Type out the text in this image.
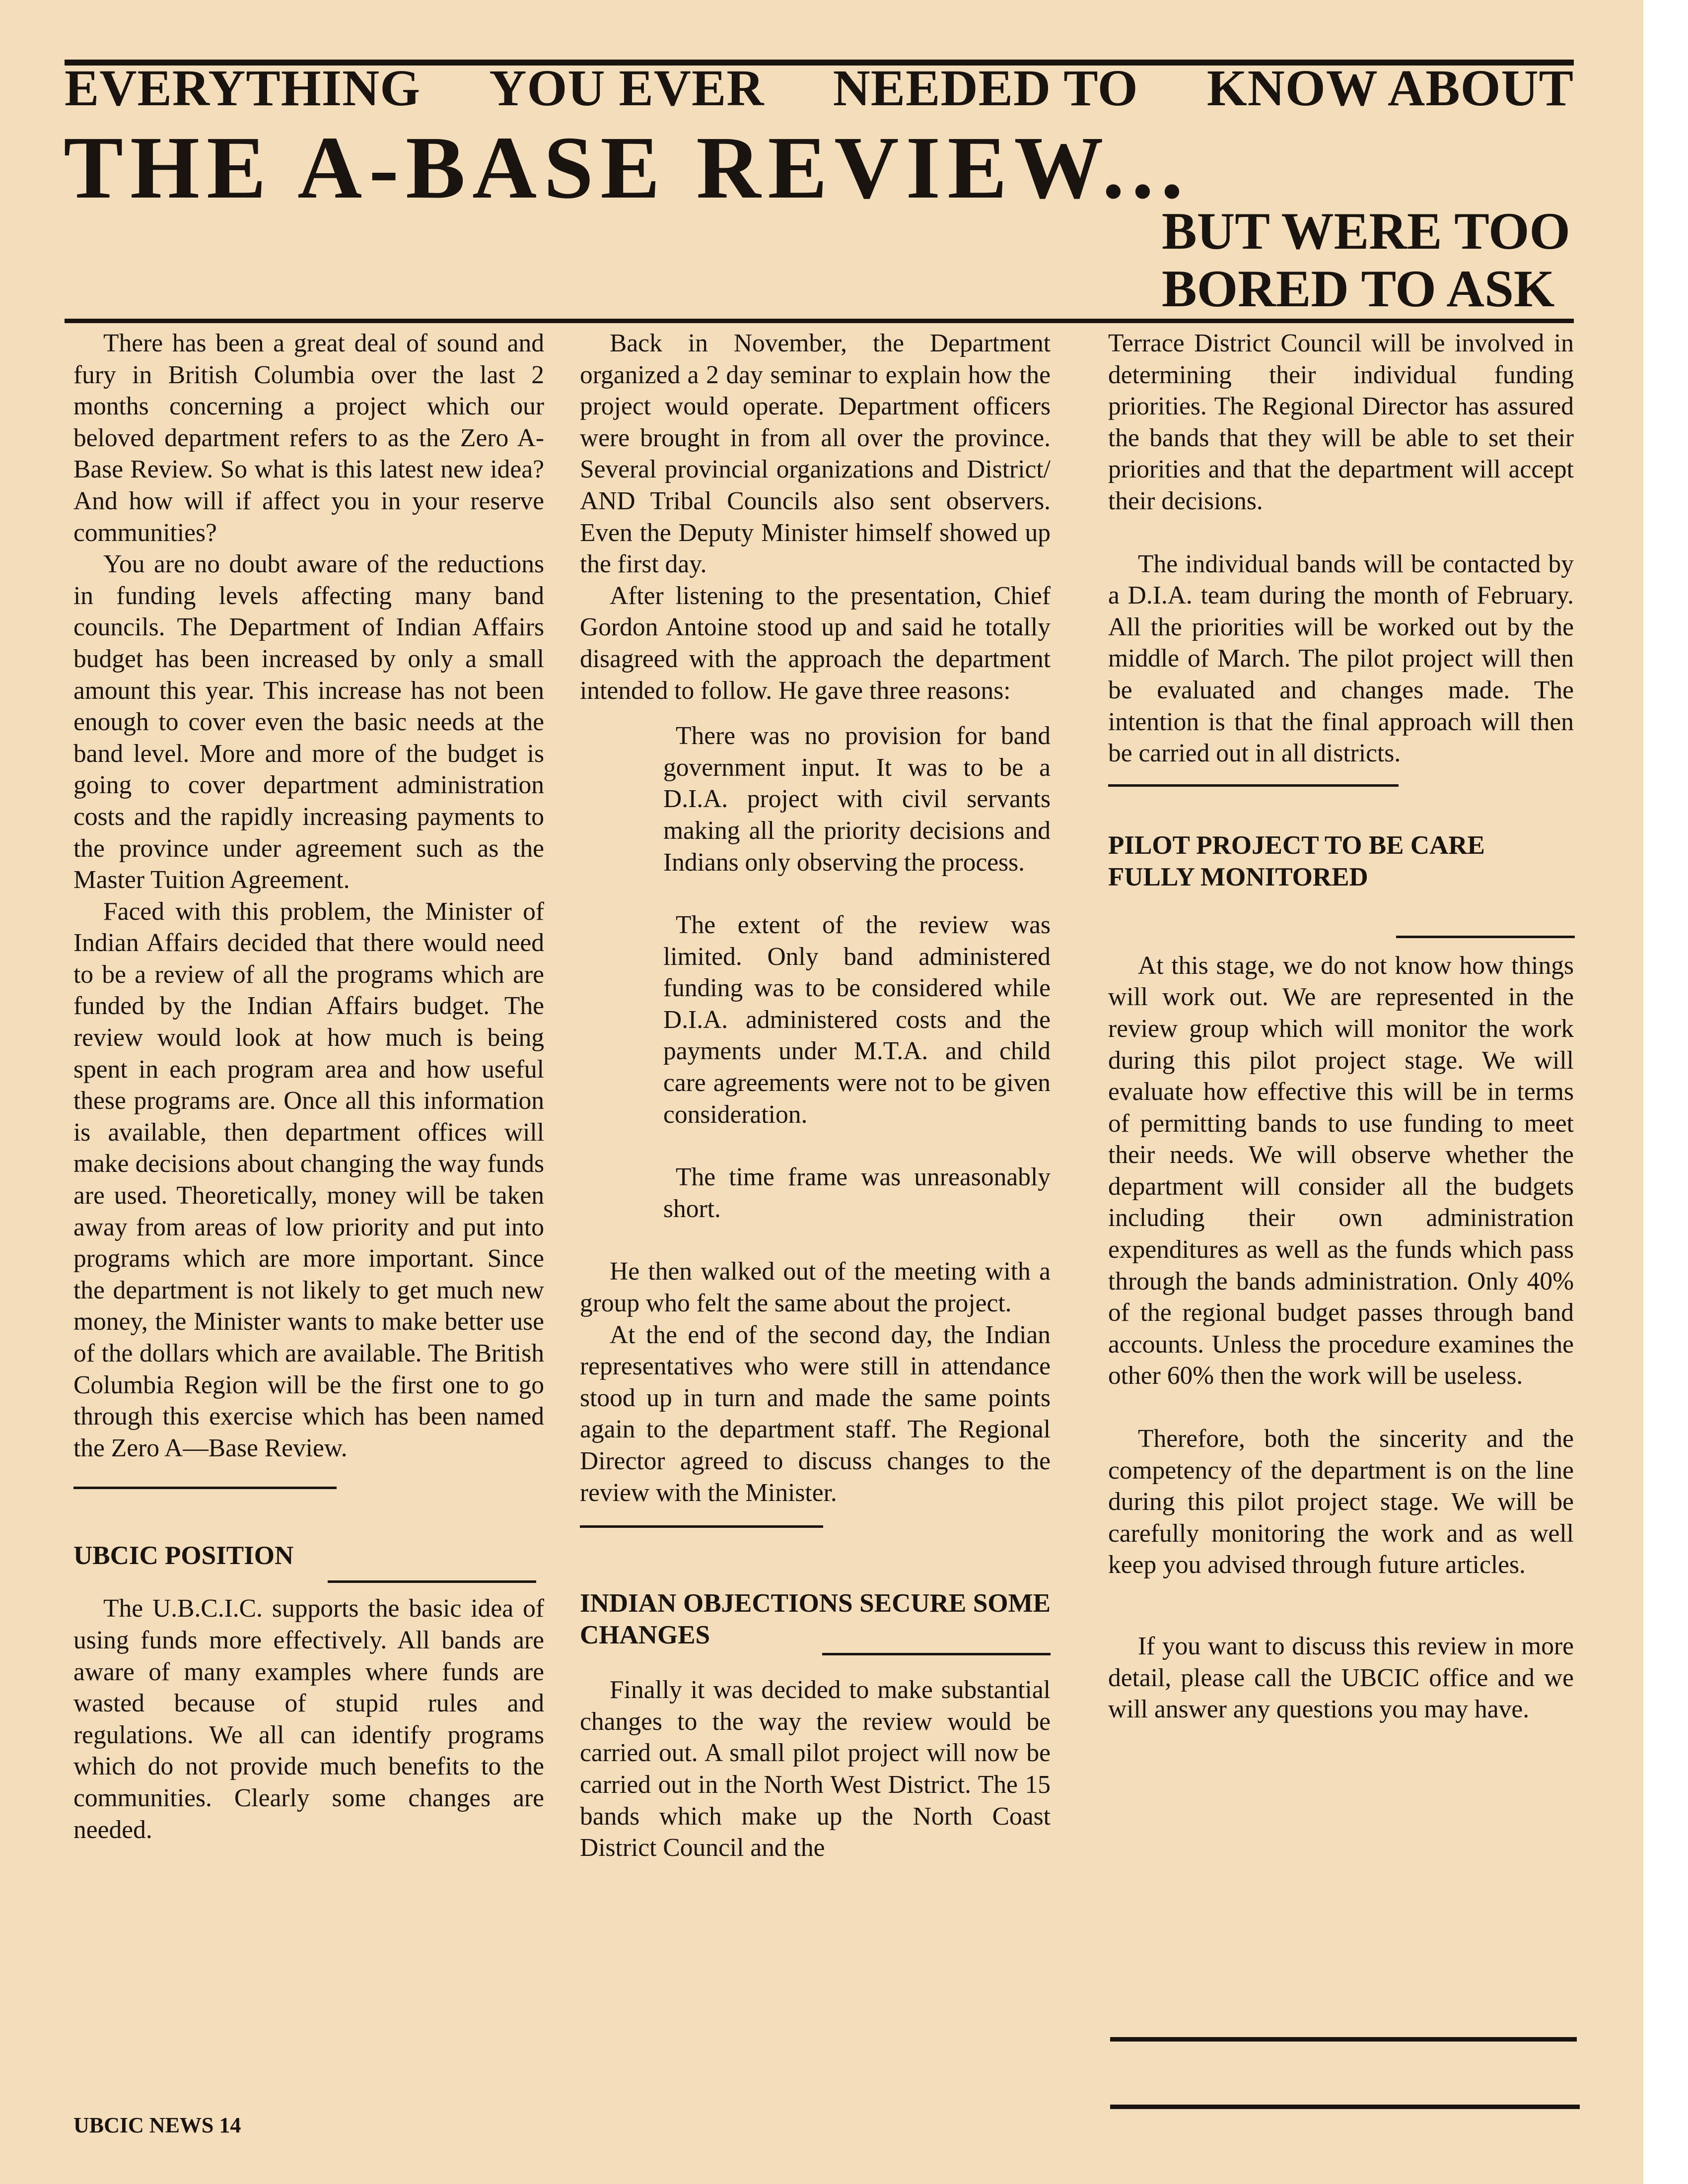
EVERYTHING YOU EVER NEEDED TO KNOW ABOUT
THE A-BASE REVIEW...
BUT WERE TOO
BORED TO ASK

There has been a great deal of sound and fury in British Columbia over the last 2 months concerning a project which our beloved department refers to as the Zero A-Base Review. So what is this latest new idea? And how will if affect you in your reserve communities?

You are no doubt aware of the reductions in funding levels affecting many band councils. The Department of Indian Affairs budget has been increased by only a small amount this year. This increase has not been enough to cover even the basic needs at the band level. More and more of the budget is going to cover department administration costs and the rapidly increasing payments to the province under agreement such as the Master Tuition Agreement.

Faced with this problem, the Minister of Indian Affairs decided that there would need to be a review of all the programs which are funded by the Indian Affairs budget. The review would look at how much is being spent in each program area and how useful these programs are. Once all this information is available, then department offices will make decisions about changing the way funds are used. Theoretically, money will be taken away from areas of low priority and put into programs which are more important. Since the department is not likely to get much new money, the Minister wants to make better use of the dollars which are available. The British Columbia Region will be the first one to go through this exercise which has been named the Zero A—Base Review.

UBCIC POSITION

The U.B.C.I.C. supports the basic idea of using funds more effectively. All bands are aware of many examples where funds are wasted because of stupid rules and regulations. We all can identify programs which do not provide much benefits to the communities. Clearly some changes are needed.

Back in November, the Department organized a 2 day seminar to explain how the project would operate. Department officers were brought in from all over the province. Several provincial organizations and District/ AND Tribal Councils also sent observers. Even the Deputy Minister himself showed up the first day.

After listening to the presentation, Chief Gordon Antoine stood up and said he totally disagreed with the approach the department intended to follow. He gave three reasons:

There was no provision for band government input. It was to be a D.I.A. project with civil servants making all the priority decisions and Indians only observing the process.

The extent of the review was limited. Only band administered funding was to be considered while D.I.A. administered costs and the payments under M.T.A. and child care agreements were not to be given consideration.

The time frame was unreasonably short.

He then walked out of the meeting with a group who felt the same about the project.

At the end of the second day, the Indian representatives who were still in attendance stood up in turn and made the same points again to the department staff. The Regional Director agreed to discuss changes to the review with the Minister.

INDIAN OBJECTIONS SECURE SOME CHANGES

Finally it was decided to make substantial changes to the way the review would be carried out. A small pilot project will now be carried out in the North West District. The 15 bands which make up the North Coast District Council and the

Terrace District Council will be involved in determining their individual funding priorities. The Regional Director has assured the bands that they will be able to set their priorities and that the department will accept their decisions.

The individual bands will be contacted by a D.I.A. team during the month of February. All the priorities will be worked out by the middle of March. The pilot project will then be evaluated and changes made. The intention is that the final approach will then be carried out in all districts.

PILOT PROJECT TO BE CARE FULLY MONITORED

At this stage, we do not know how things will work out. We are represented in the review group which will monitor the work during this pilot project stage. We will evaluate how effective this will be in terms of permitting bands to use funding to meet their needs. We will observe whether the department will consider all the budgets including their own administration expenditures as well as the funds which pass through the bands administration. Only 40% of the regional budget passes through band accounts. Unless the procedure examines the other 60% then the work will be useless.

Therefore, both the sincerity and the competency of the department is on the line during this pilot project stage. We will be carefully monitoring the work and as well keep you advised through future articles.

If you want to discuss this review in more detail, please call the UBCIC office and we will answer any questions you may have.

UBCIC NEWS 14
